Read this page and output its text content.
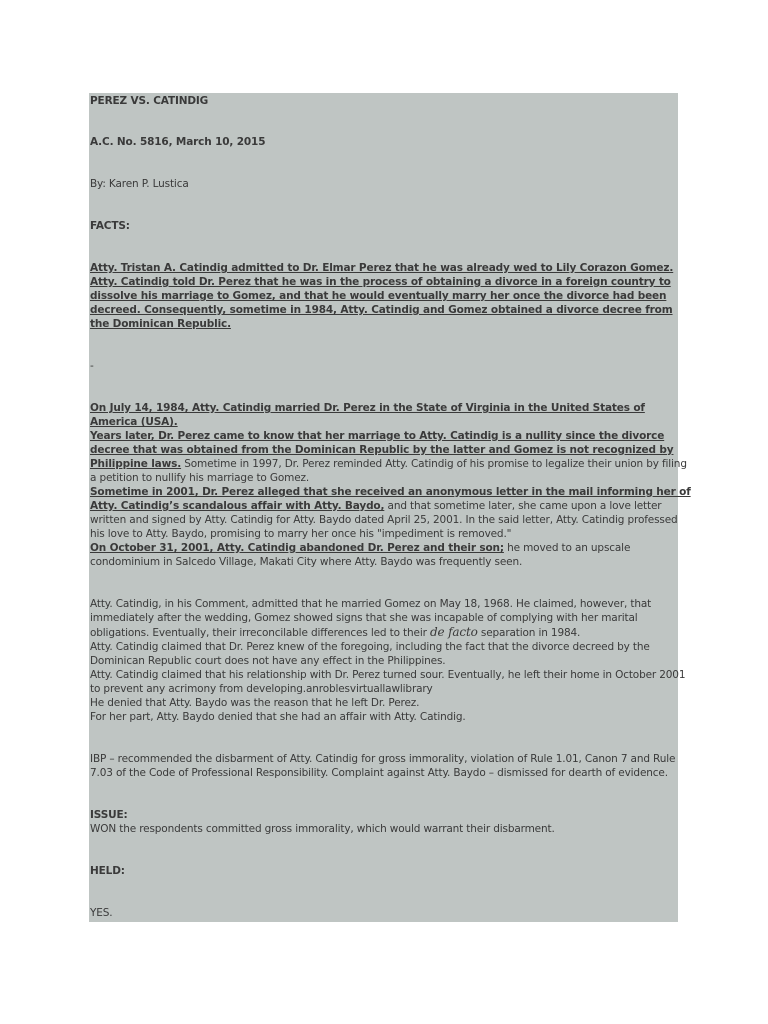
PEREZ VS. CATINDIG
A.C. No. 5816, March 10, 2015
By: Karen P. Lustica
FACTS:
Atty. Tristan A. Catindig admitted to Dr. Elmar Perez that he was already wed to Lily Corazon Gomez.
Atty. Catindig told Dr. Perez that he was in the process of obtaining a divorce in a foreign country to
dissolve his marriage to Gomez, and that he would eventually marry her once the divorce had been
decreed. Consequently, sometime in 1984, Atty. Catindig and Gomez obtained a divorce decree from
the Dominican Republic.
-
On July 14, 1984, Atty. Catindig married Dr. Perez in the State of Virginia in the United States of
America (USA).
Years later, Dr. Perez came to know that her marriage to Atty. Catindig is a nullity since the divorce
decree that was obtained from the Dominican Republic by the latter and Gomez is not recognized by
Philippine laws. Sometime in 1997, Dr. Perez reminded Atty. Catindig of his promise to legalize their union by filing
a petition to nullify his marriage to Gomez.
Sometime in 2001, Dr. Perez alleged that she received an anonymous letter in the mail informing her of
Atty. Catindig’s scandalous affair with Atty. Baydo, and that sometime later, she came upon a love letter
written and signed by Atty. Catindig for Atty. Baydo dated April 25, 2001. In the said letter, Atty. Catindig professed
his love to Atty. Baydo, promising to marry her once his "impediment is removed."
On October 31, 2001, Atty. Catindig abandoned Dr. Perez and their son; he moved to an upscale
condominium in Salcedo Village, Makati City where Atty. Baydo was frequently seen.
Atty. Catindig, in his Comment, admitted that he married Gomez on May 18, 1968. He claimed, however, that
immediately after the wedding, Gomez showed signs that she was incapable of complying with her marital
obligations. Eventually, their irreconcilable differences led to their de facto separation in 1984.
Atty. Catindig claimed that Dr. Perez knew of the foregoing, including the fact that the divorce decreed by the
Dominican Republic court does not have any effect in the Philippines.
Atty. Catindig claimed that his relationship with Dr. Perez turned sour. Eventually, he left their home in October 2001
to prevent any acrimony from developing.anroblesvirtuallawlibrary
He denied that Atty. Baydo was the reason that he left Dr. Perez.
For her part, Atty. Baydo denied that she had an affair with Atty. Catindig.
IBP – recommended the disbarment of Atty. Catindig for gross immorality, violation of Rule 1.01, Canon 7 and Rule
7.03 of the Code of Professional Responsibility. Complaint against Atty. Baydo – dismissed for dearth of evidence.
ISSUE:
WON the respondents committed gross immorality, which would warrant their disbarment.
HELD:
YES.
